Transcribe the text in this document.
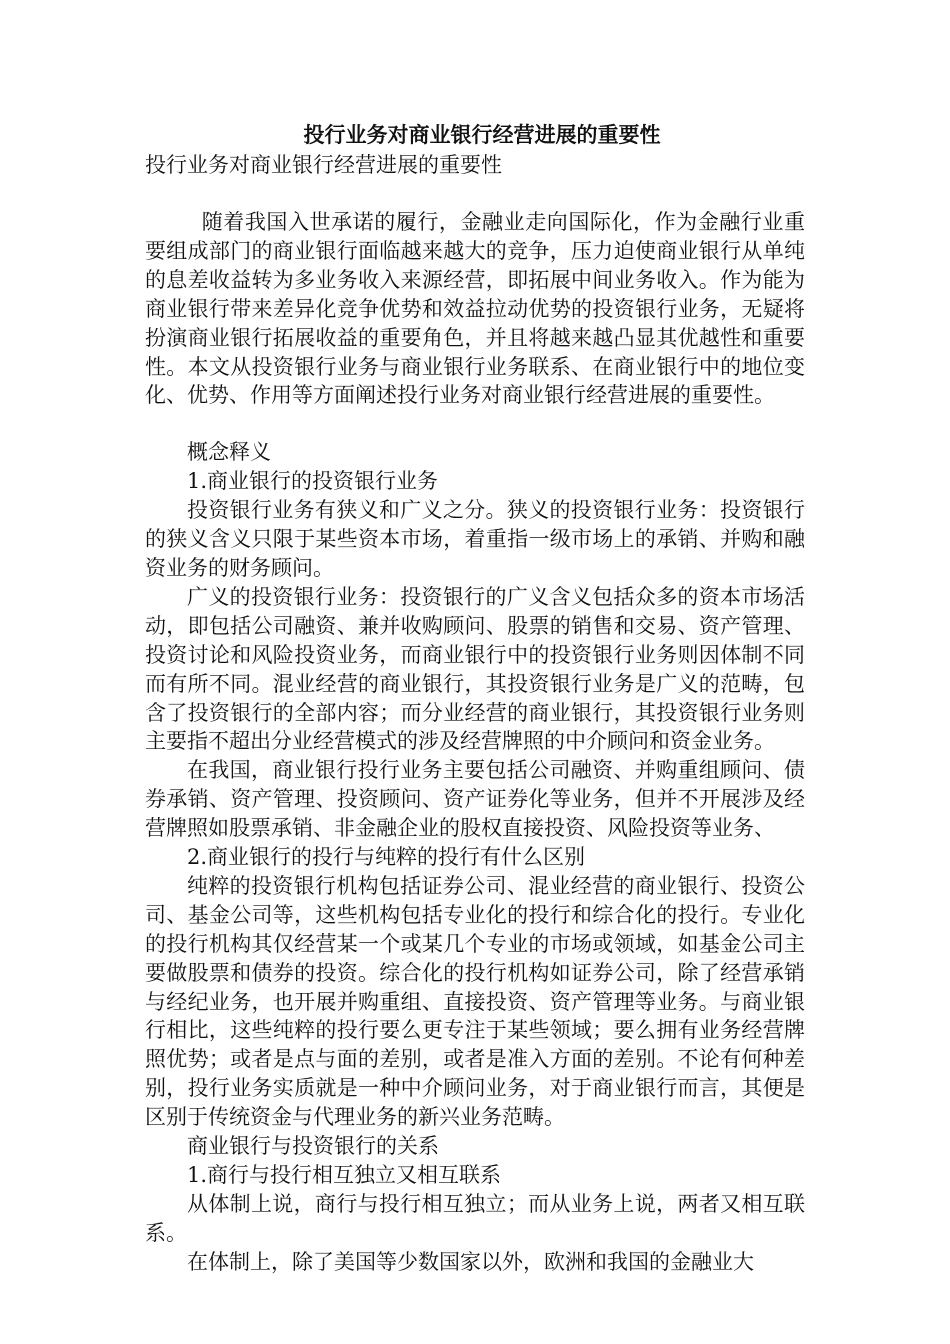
投行业务对商业银行经营进展的重要性

投行业务对商业银行经营进展的重要性

随着我国入世承诺的履行，金融业走向国际化，作为金融行业重要组成部门的商业银行面临越来越大的竞争，压力迫使商业银行从单纯的息差收益转为多业务收入来源经营，即拓展中间业务收入。作为能为商业银行带来差异化竞争优势和效益拉动优势的投资银行业务，无疑将扮演商业银行拓展收益的重要角色，并且将越来越凸显其优越性和重要性。本文从投资银行业务与商业银行业务联系、在商业银行中的地位变化、优势、作用等方面阐述投行业务对商业银行经营进展的重要性。

概念释义

1.商业银行的投资银行业务

投资银行业务有狭义和广义之分。狭义的投资银行业务：投资银行的狭义含义只限于某些资本市场，着重指一级市场上的承销、并购和融资业务的财务顾问。

广义的投资银行业务：投资银行的广义含义包括众多的资本市场活动，即包括公司融资、兼并收购顾问、股票的销售和交易、资产管理、投资讨论和风险投资业务，而商业银行中的投资银行业务则因体制不同而有所不同。混业经营的商业银行，其投资银行业务是广义的范畴，包含了投资银行的全部内容；而分业经营的商业银行，其投资银行业务则主要指不超出分业经营模式的涉及经营牌照的中介顾问和资金业务。

在我国，商业银行投行业务主要包括公司融资、并购重组顾问、债券承销、资产管理、投资顾问、资产证券化等业务，但并不开展涉及经营牌照如股票承销、非金融企业的股权直接投资、风险投资等业务、

2.商业银行的投行与纯粹的投行有什么区别

纯粹的投资银行机构包括证券公司、混业经营的商业银行、投资公司、基金公司等，这些机构包括专业化的投行和综合化的投行。专业化的投行机构其仅经营某一个或某几个专业的市场或领域，如基金公司主要做股票和债券的投资。综合化的投行机构如证券公司，除了经营承销与经纪业务，也开展并购重组、直接投资、资产管理等业务。与商业银行相比，这些纯粹的投行要么更专注于某些领域；要么拥有业务经营牌照优势；或者是点与面的差别，或者是准入方面的差别。不论有何种差别，投行业务实质就是一种中介顾问业务，对于商业银行而言，其便是区别于传统资金与代理业务的新兴业务范畴。

商业银行与投资银行的关系

1.商行与投行相互独立又相互联系

从体制上说，商行与投行相互独立；而从业务上说，两者又相互联系。

在体制上，除了美国等少数国家以外，欧洲和我国的金融业大
